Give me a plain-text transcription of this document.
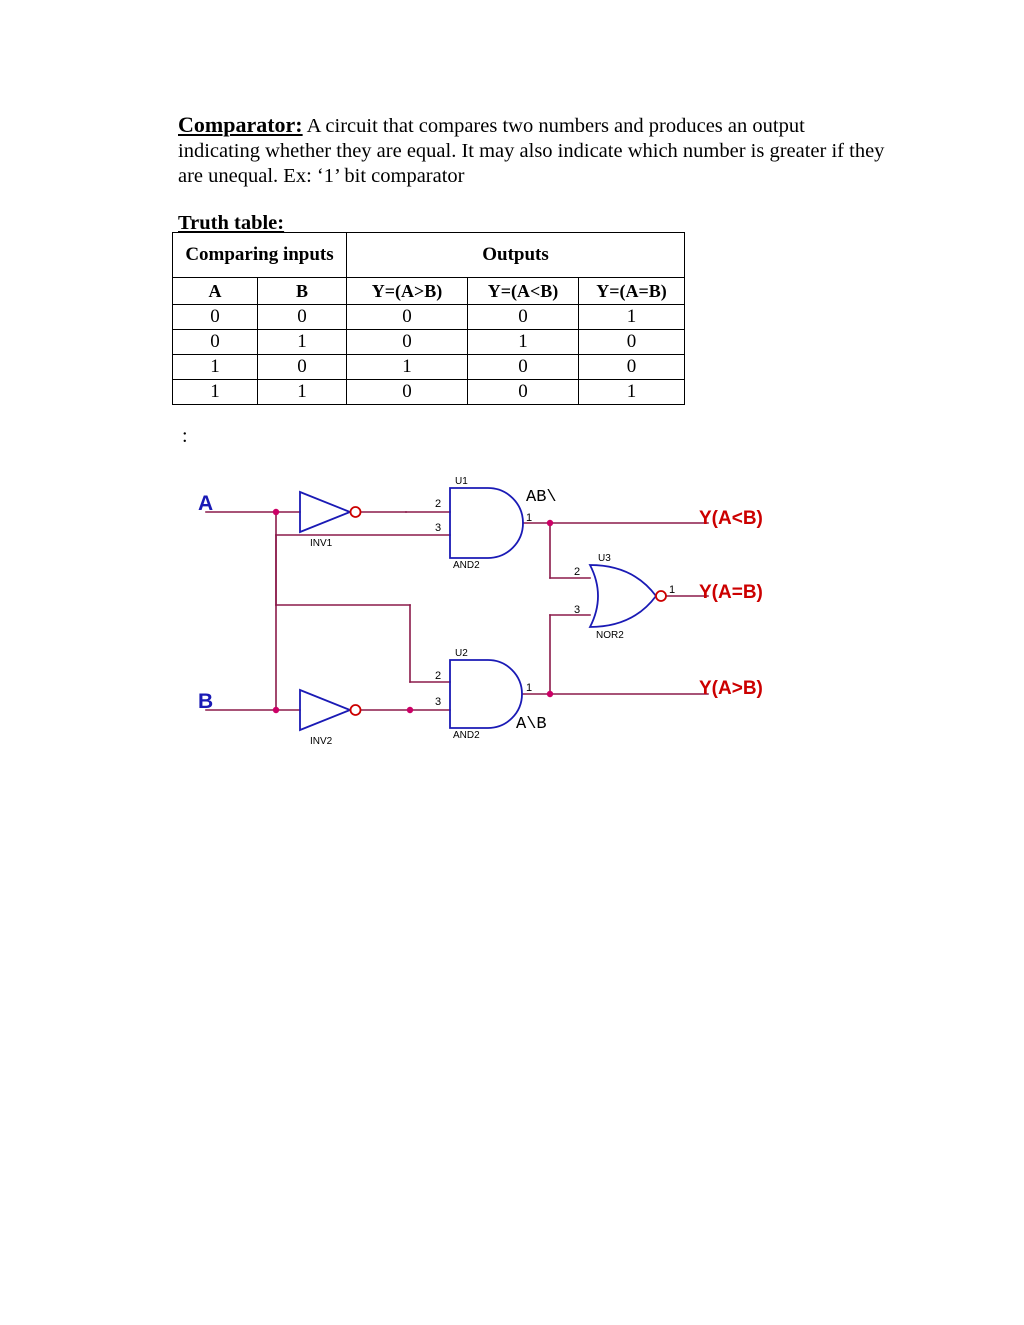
Comparator: A circuit that compares two numbers and produces an output indicating whether they are equal. It may also indicate which number is greater if they are unequal. Ex: ‘1’ bit comparator
Truth table:
Comparing inputs		Outputs		
A	B	Y=(A>B)	Y=(A<B)	Y=(A=B)
0	0	0	0	1
0	1	0	1	0
1	0	1	0	0
1	1	0	0	1
:
A
B
Y(A<B)
Y(A=B)
Y(A>B)
AB\
A\B
INV1
INV2
U1
AND2
U2
AND2
U3
NOR2
2
3
1
2
3
1
2
3
1
